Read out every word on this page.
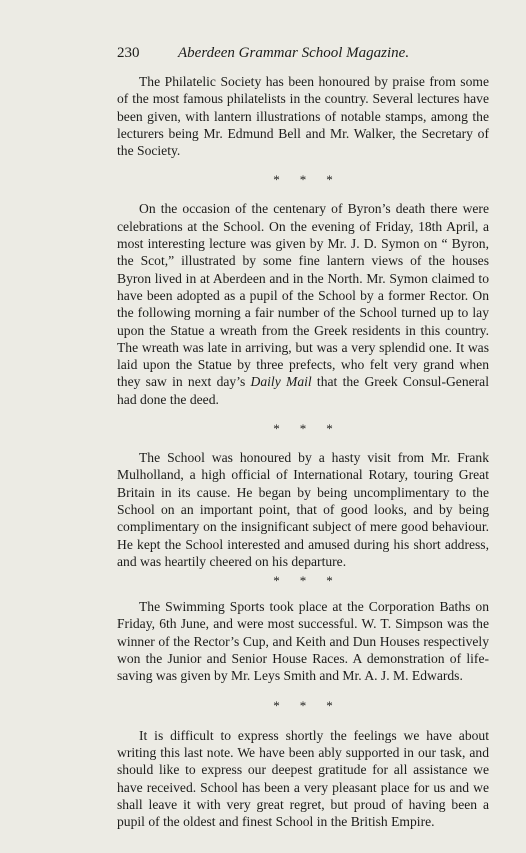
230	Aberdeen Grammar School Magazine.

The Philatelic Society has been honoured by praise from some of the most famous philatelists in the country. Several lectures have been given, with lantern illustrations of notable stamps, among the lecturers being Mr. Edmund Bell and Mr. Walker, the Secretary of the Society.

* * *

On the occasion of the centenary of Byron’s death there were celebrations at the School. On the evening of Friday, 18th April, a most interesting lecture was given by Mr. J. D. Symon on “ Byron, the Scot,” illustrated by some fine lantern views of the houses Byron lived in at Aberdeen and in the North. Mr. Symon claimed to have been adopted as a pupil of the School by a former Rector. On the following morning a fair number of the School turned up to lay upon the Statue a wreath from the Greek residents in this country. The wreath was late in arriving, but was a very splendid one. It was laid upon the Statue by three prefects, who felt very grand when they saw in next day’s Daily Mail that the Greek Consul-General had done the deed.

* * *

The School was honoured by a hasty visit from Mr. Frank Mulholland, a high official of International Rotary, touring Great Britain in its cause. He began by being uncomplimentary to the School on an important point, that of good looks, and by being complimentary on the insignificant subject of mere good behaviour. He kept the School interested and amused during his short address, and was heartily cheered on his departure.

* * *

The Swimming Sports took place at the Corporation Baths on Friday, 6th June, and were most successful. W. T. Simpson was the winner of the Rector’s Cup, and Keith and Dun Houses respectively won the Junior and Senior House Races. A demonstration of life-saving was given by Mr. Leys Smith and Mr. A. J. M. Edwards.

* * *

It is difficult to express shortly the feelings we have about writing this last note. We have been ably supported in our task, and should like to express our deepest gratitude for all assistance we have received. School has been a very pleasant place for us and we shall leave it with very great regret, but proud of having been a pupil of the oldest and finest School in the British Empire.
